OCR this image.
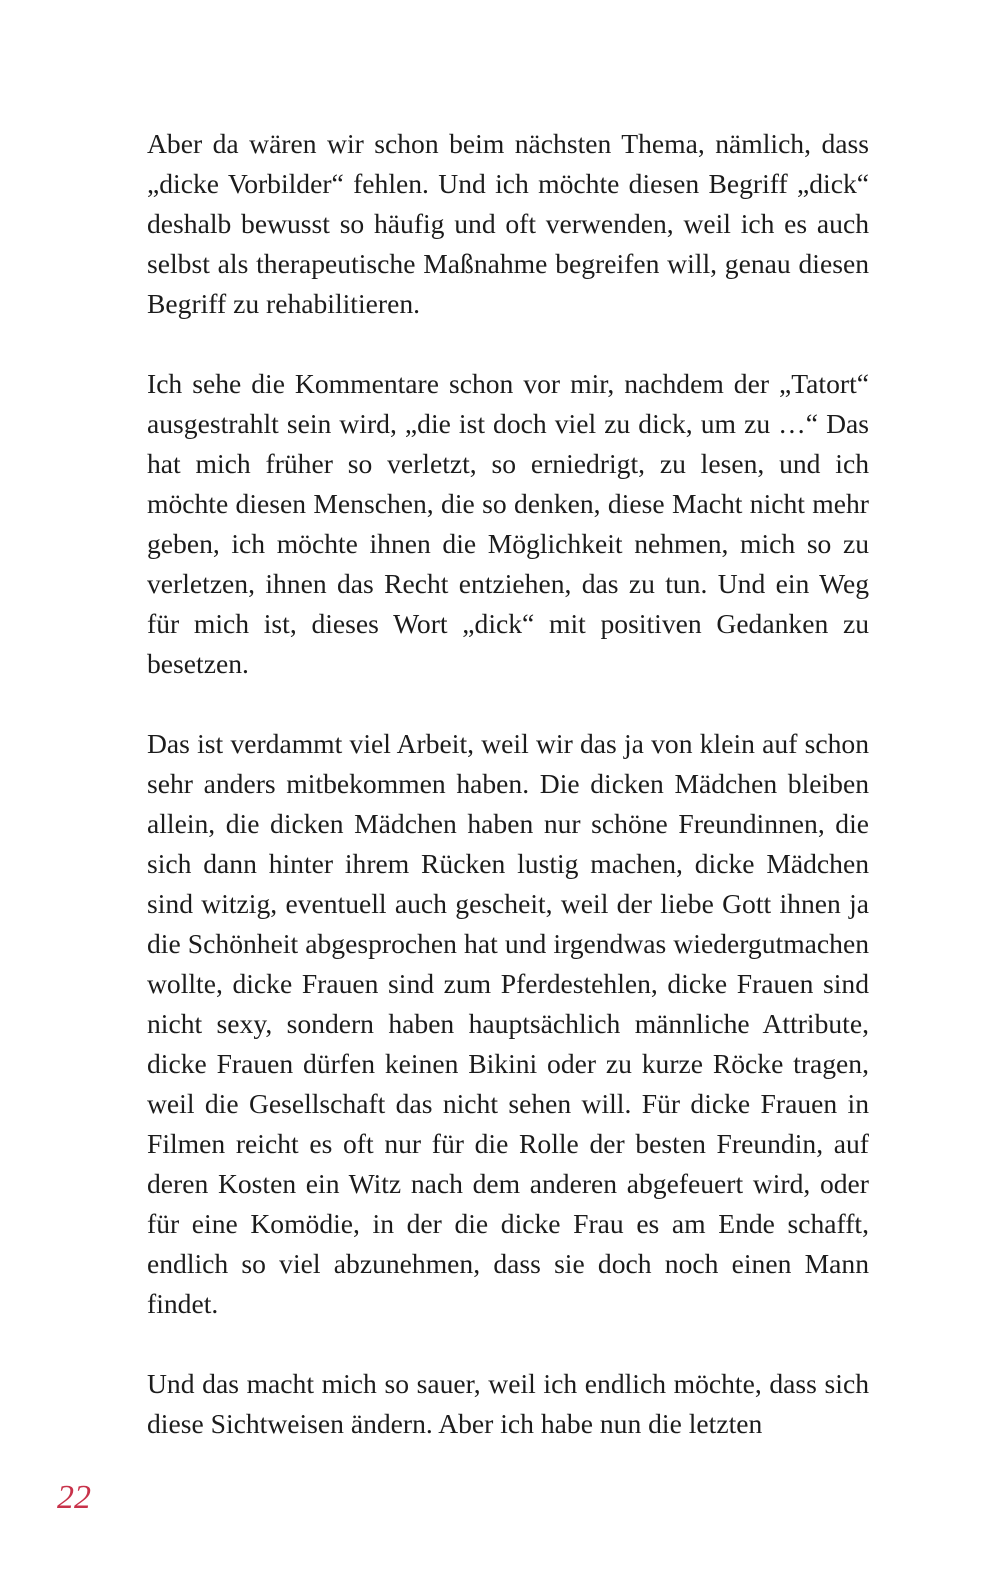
Aber da wären wir schon beim nächsten Thema, nämlich, dass „dicke Vorbilder“ fehlen. Und ich möchte diesen Begriff „dick“ deshalb bewusst so häufig und oft verwenden, weil ich es auch selbst als therapeutische Maßnahme begreifen will, genau diesen Begriff zu rehabilitieren.

Ich sehe die Kommentare schon vor mir, nachdem der „Tatort“ ausgestrahlt sein wird, „die ist doch viel zu dick, um zu …“ Das hat mich früher so verletzt, so erniedrigt, zu lesen, und ich möchte diesen Menschen, die so denken, diese Macht nicht mehr geben, ich möchte ihnen die Möglichkeit nehmen, mich so zu verletzen, ihnen das Recht entziehen, das zu tun. Und ein Weg für mich ist, dieses Wort „dick“ mit positiven Gedanken zu besetzen.

Das ist verdammt viel Arbeit, weil wir das ja von klein auf schon sehr anders mitbekommen haben. Die dicken Mädchen bleiben allein, die dicken Mädchen haben nur schöne Freundinnen, die sich dann hinter ihrem Rücken lustig machen, dicke Mädchen sind witzig, eventuell auch gescheit, weil der liebe Gott ihnen ja die Schönheit abgesprochen hat und irgendwas wiedergutmachen wollte, dicke Frauen sind zum Pferdestehlen, dicke Frauen sind nicht sexy, sondern haben hauptsächlich männliche Attribute, dicke Frauen dürfen keinen Bikini oder zu kurze Röcke tragen, weil die Gesellschaft das nicht sehen will. Für dicke Frauen in Filmen reicht es oft nur für die Rolle der besten Freundin, auf deren Kosten ein Witz nach dem anderen abgefeuert wird, oder für eine Komödie, in der die dicke Frau es am Ende schafft, endlich so viel abzunehmen, dass sie doch noch einen Mann findet.

Und das macht mich so sauer, weil ich endlich möchte, dass sich diese Sichtweisen ändern. Aber ich habe nun die letzten

22
